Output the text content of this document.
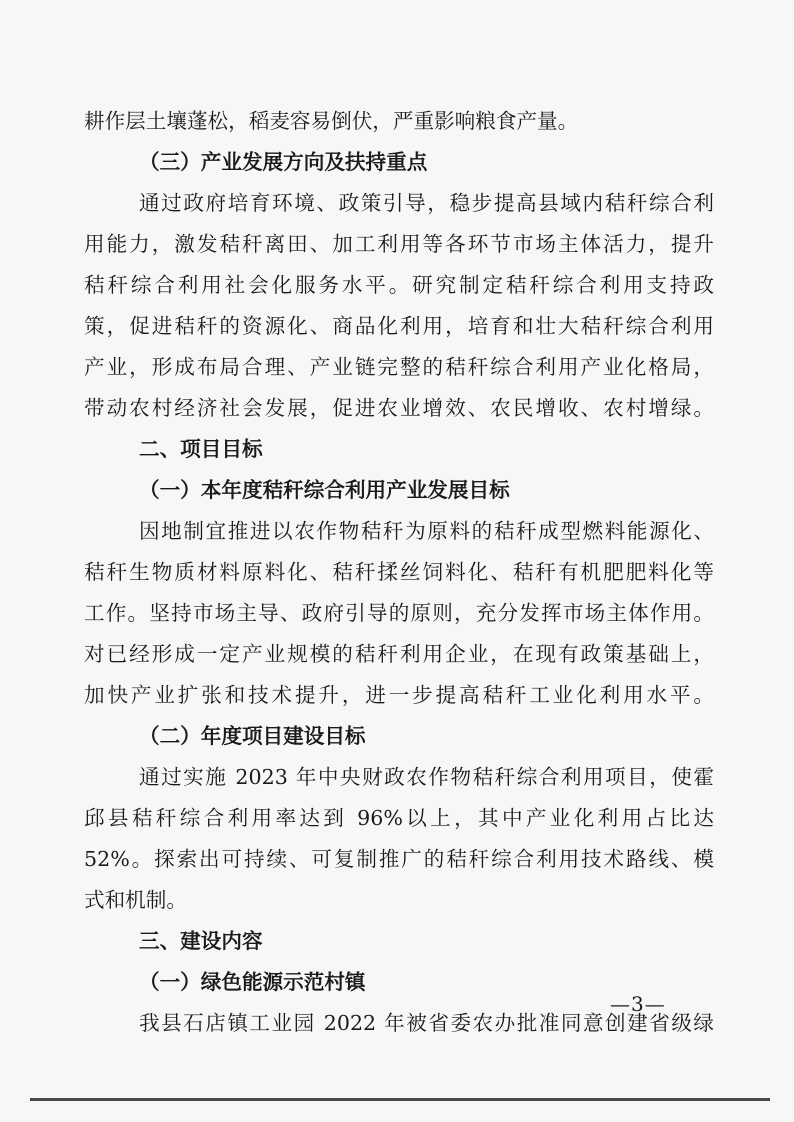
耕作层土壤蓬松，稻麦容易倒伏，严重影响粮食产量。
（三）产业发展方向及扶持重点
通过政府培育环境、政策引导，稳步提高县域内秸秆综合利
用能力，激发秸秆离田、加工利用等各环节市场主体活力，提升
秸秆综合利用社会化服务水平。研究制定秸秆综合利用支持政
策，促进秸秆的资源化、商品化利用，培育和壮大秸秆综合利用
产业，形成布局合理、产业链完整的秸秆综合利用产业化格局，
带动农村经济社会发展，促进农业增效、农民增收、农村增绿。
二、项目目标
（一）本年度秸秆综合利用产业发展目标
因地制宜推进以农作物秸秆为原料的秸秆成型燃料能源化、
秸秆生物质材料原料化、秸秆揉丝饲料化、秸秆有机肥肥料化等
工作。坚持市场主导、政府引导的原则，充分发挥市场主体作用。
对已经形成一定产业规模的秸秆利用企业，在现有政策基础上，
加快产业扩张和技术提升，进一步提高秸秆工业化利用水平。
（二）年度项目建设目标
通过实施 2023 年中央财政农作物秸秆综合利用项目，使霍
邱县秸秆综合利用率达到 96%以上，其中产业化利用占比达
52%。探索出可持续、可复制推广的秸秆综合利用技术路线、模
式和机制。
三、建设内容
（一）绿色能源示范村镇
我县石店镇工业园 2022 年被省委农办批准同意创建省级绿
—3—
